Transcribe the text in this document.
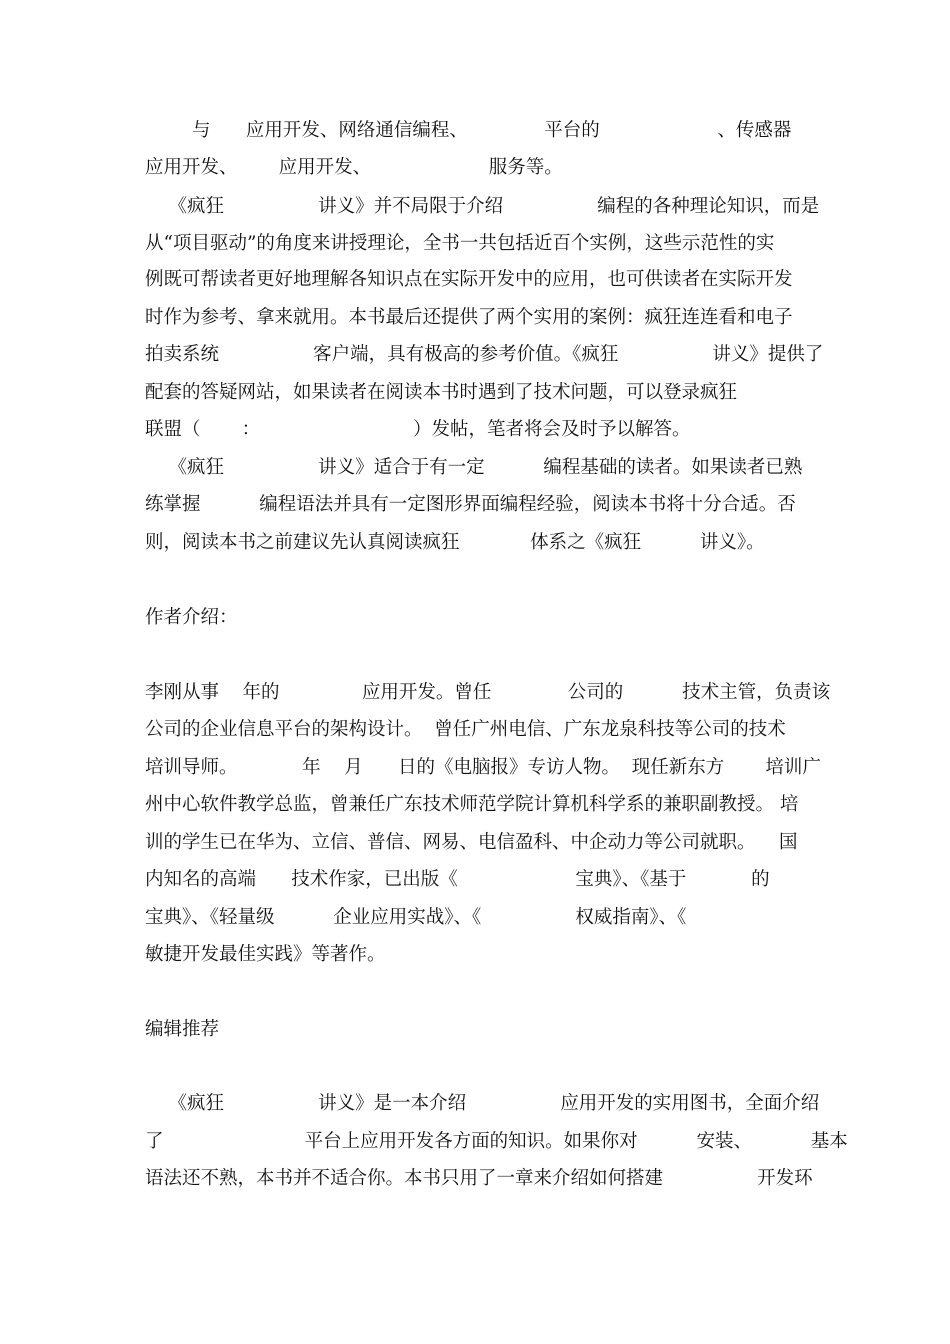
与      应用开发、网络通信编程、             平台的                    、传感器
应用开发、       应用开发、                    服务等。
《疯狂                讲义》并不局限于介绍                编程的各种理论知识，而是
从“项目驱动”的角度来讲授理论，全书一共包括近百个实例，这些示范性的实
例既可帮读者更好地理解各知识点在实际开发中的应用，也可供读者在实际开发
时作为参考、拿来就用。本书最后还提供了两个实用的案例：疯狂连连看和电子
拍卖系统                客户端，具有极高的参考价值。《疯狂                讲义》提供了
配套的答疑网站，如果读者在阅读本书时遇到了技术问题，可以登录疯狂
联盟（       ：                          ）发帖，笔者将会及时予以解答。
《疯狂                讲义》适合于有一定          编程基础的读者。如果读者已熟
练掌握          编程语法并具有一定图形界面编程经验，阅读本书将十分合适。否
则，阅读本书之前建议先认真阅读疯狂            体系之《疯狂          讲义》。
作者介绍：
李刚从事    年的              应用开发。曾任             公司的          技术主管，负责该
公司的企业信息平台的架构设计。  曾任广州电信、广东龙泉科技等公司的技术
培训导师。           年    月      日的《电脑报》专访人物。  现任新东方       培训广
州中心软件教学总监，曾兼任广东技术师范学院计算机科学系的兼职副教授。 培
训的学生已在华为、立信、普信、网易、电信盈科、中企动力等公司就职。    国
内知名的高端      技术作家，已出版《                    宝典》、《基于           的
宝典》、《轻量级          企业应用实战》、《                权威指南》、《
敏捷开发最佳实践》等著作。
编辑推荐
《疯狂                讲义》是一本介绍                应用开发的实用图书，全面介绍
了                        平台上应用开发各方面的知识。如果你对          安装、          基本
语法还不熟，本书并不适合你。本书只用了一章来介绍如何搭建                开发环
